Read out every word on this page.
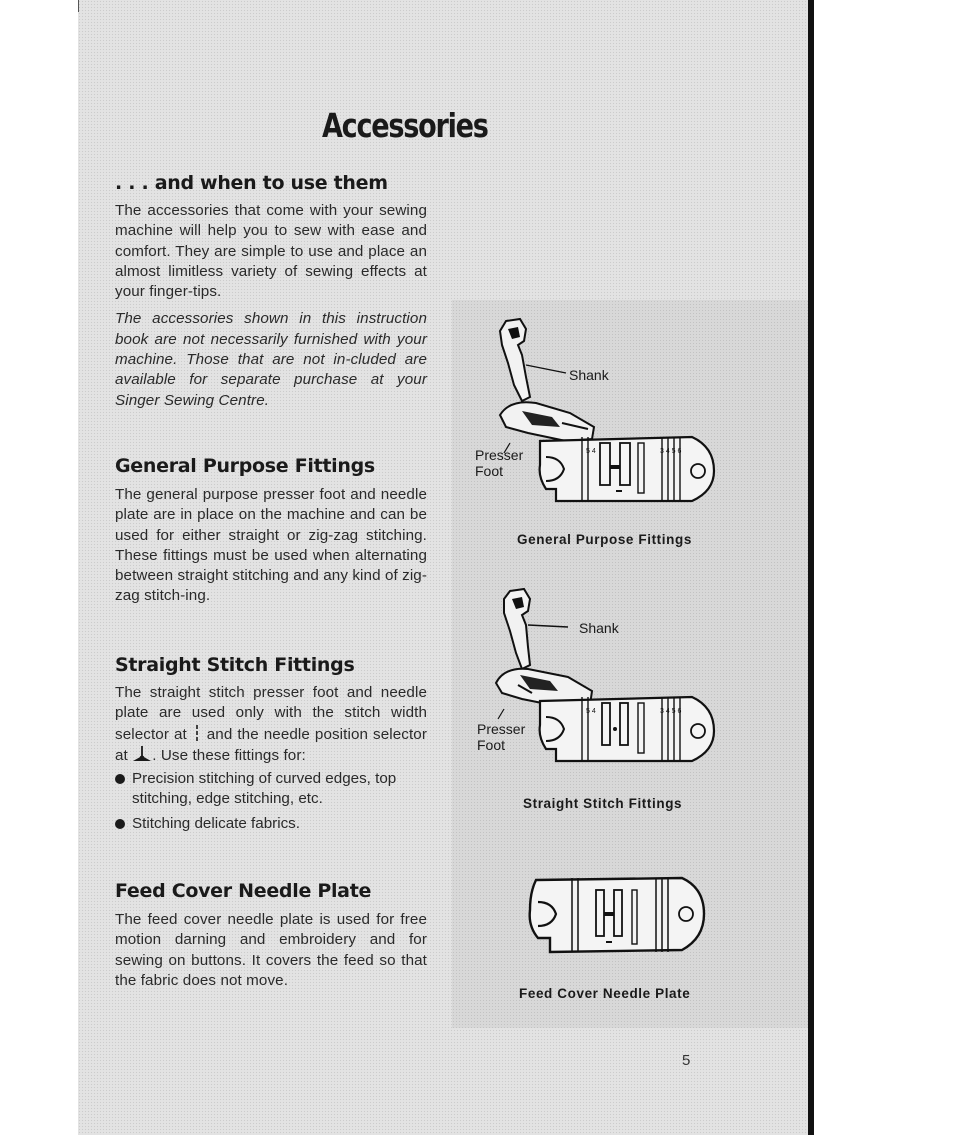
Accessories
. . . and when to use them

The accessories that come with your sewing machine will help you to sew with ease and comfort. They are simple to use and place an almost limitless variety of sewing effects at your finger-tips.

The accessories shown in this instruction book are not necessarily furnished with your machine. Those that are not in-cluded are available for separate purchase at your Singer Sewing Centre.

General Purpose Fittings

The general purpose presser foot and needle plate are in place on the machine and can be used for either straight or zig-zag stitching. These fittings must be used when alternating between straight stitching and any kind of zig-zag stitch-ing.

Straight Stitch Fittings

The straight stitch presser foot and needle plate are used only with the stitch width selector at and the needle position selector at . Use these fittings for:

Precision stitching of curved edges, top stitching, edge stitching, etc.
Stitching delicate fabrics.
Feed Cover Needle Plate

The feed cover needle plate is used for free motion darning and embroidery and for sewing on buttons. It covers the feed so that the fabric does not move.

5 4	3 4 5 6
Shank
Presser
Foot
General Purpose Fittings
5 4	3 4 5 6
Shank
Presser
Foot
Straight Stitch Fittings
Feed Cover Needle Plate
5
